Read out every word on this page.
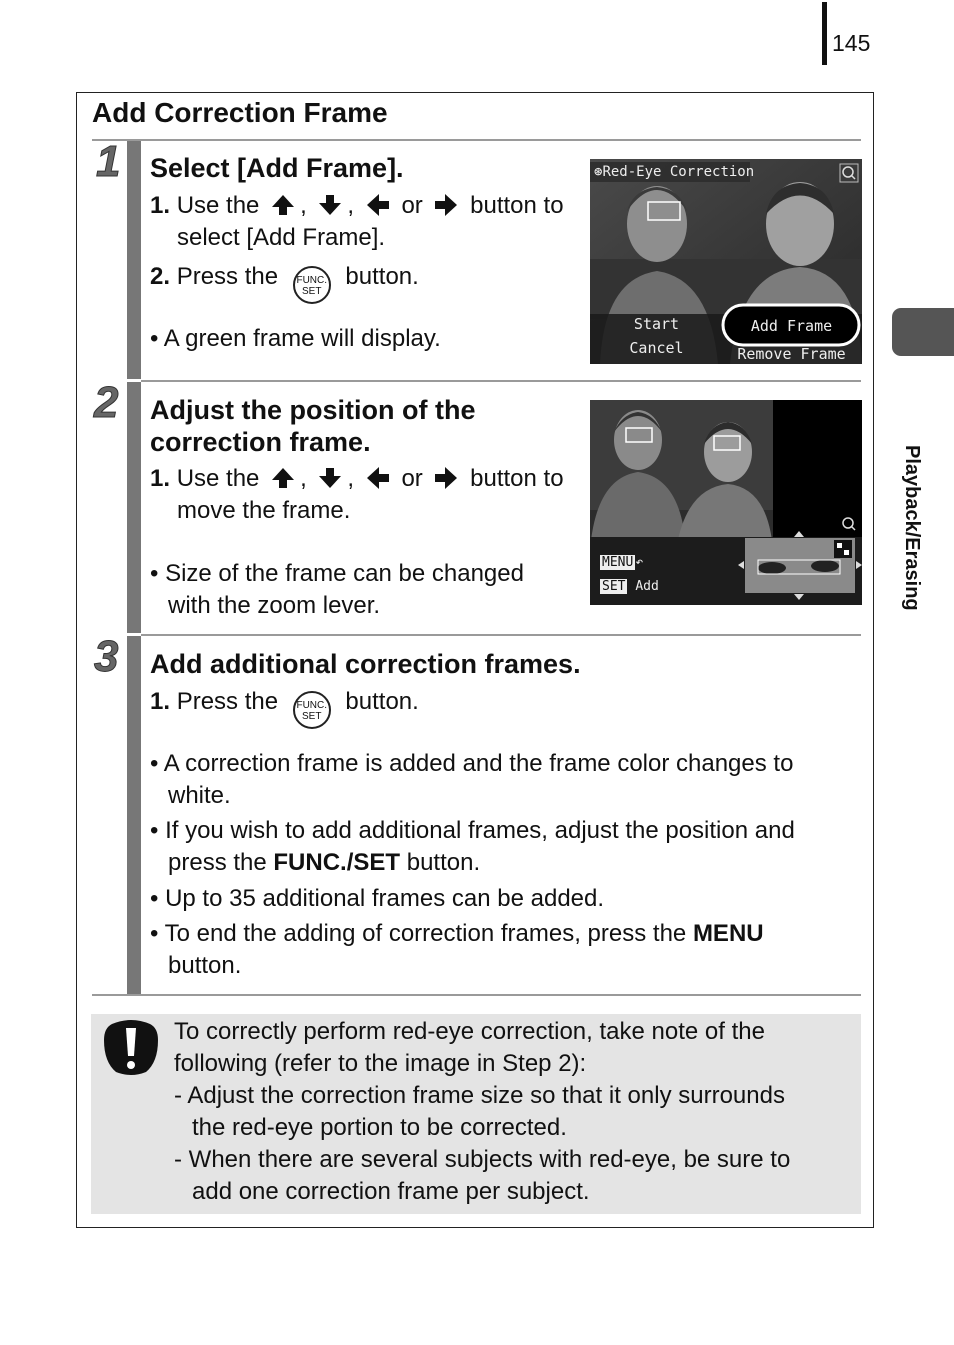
145
Playback/Erasing
Add Correction Frame
1 Select [Add Frame].
1. Use the , , or button to
select [Add Frame].
2. Press the FUNC.
SET
button.
• A green frame will display.
⊛Red-Eye Correction
Start	Add Frame
Cancel	Remove Frame
2 Adjust the position of the
correction frame.
1. Use the , , or button to
move the frame.
• Size of the frame can be changed
with the zoom lever.
MENU ↶
SET Add
3 Add additional correction frames.
1. Press the FUNC.
SET
button.
• A correction frame is added and the frame color changes to
white.
• If you wish to add additional frames, adjust the position and
press the FUNC./SET button.
• Up to 35 additional frames can be added.
• To end the adding of correction frames, press the MENU
button.
To correctly perform red-eye correction, take note of the
following (refer to the image in Step 2):
- Adjust the correction frame size so that it only surrounds
the red-eye portion to be corrected.
- When there are several subjects with red-eye, be sure to
add one correction frame per subject.
